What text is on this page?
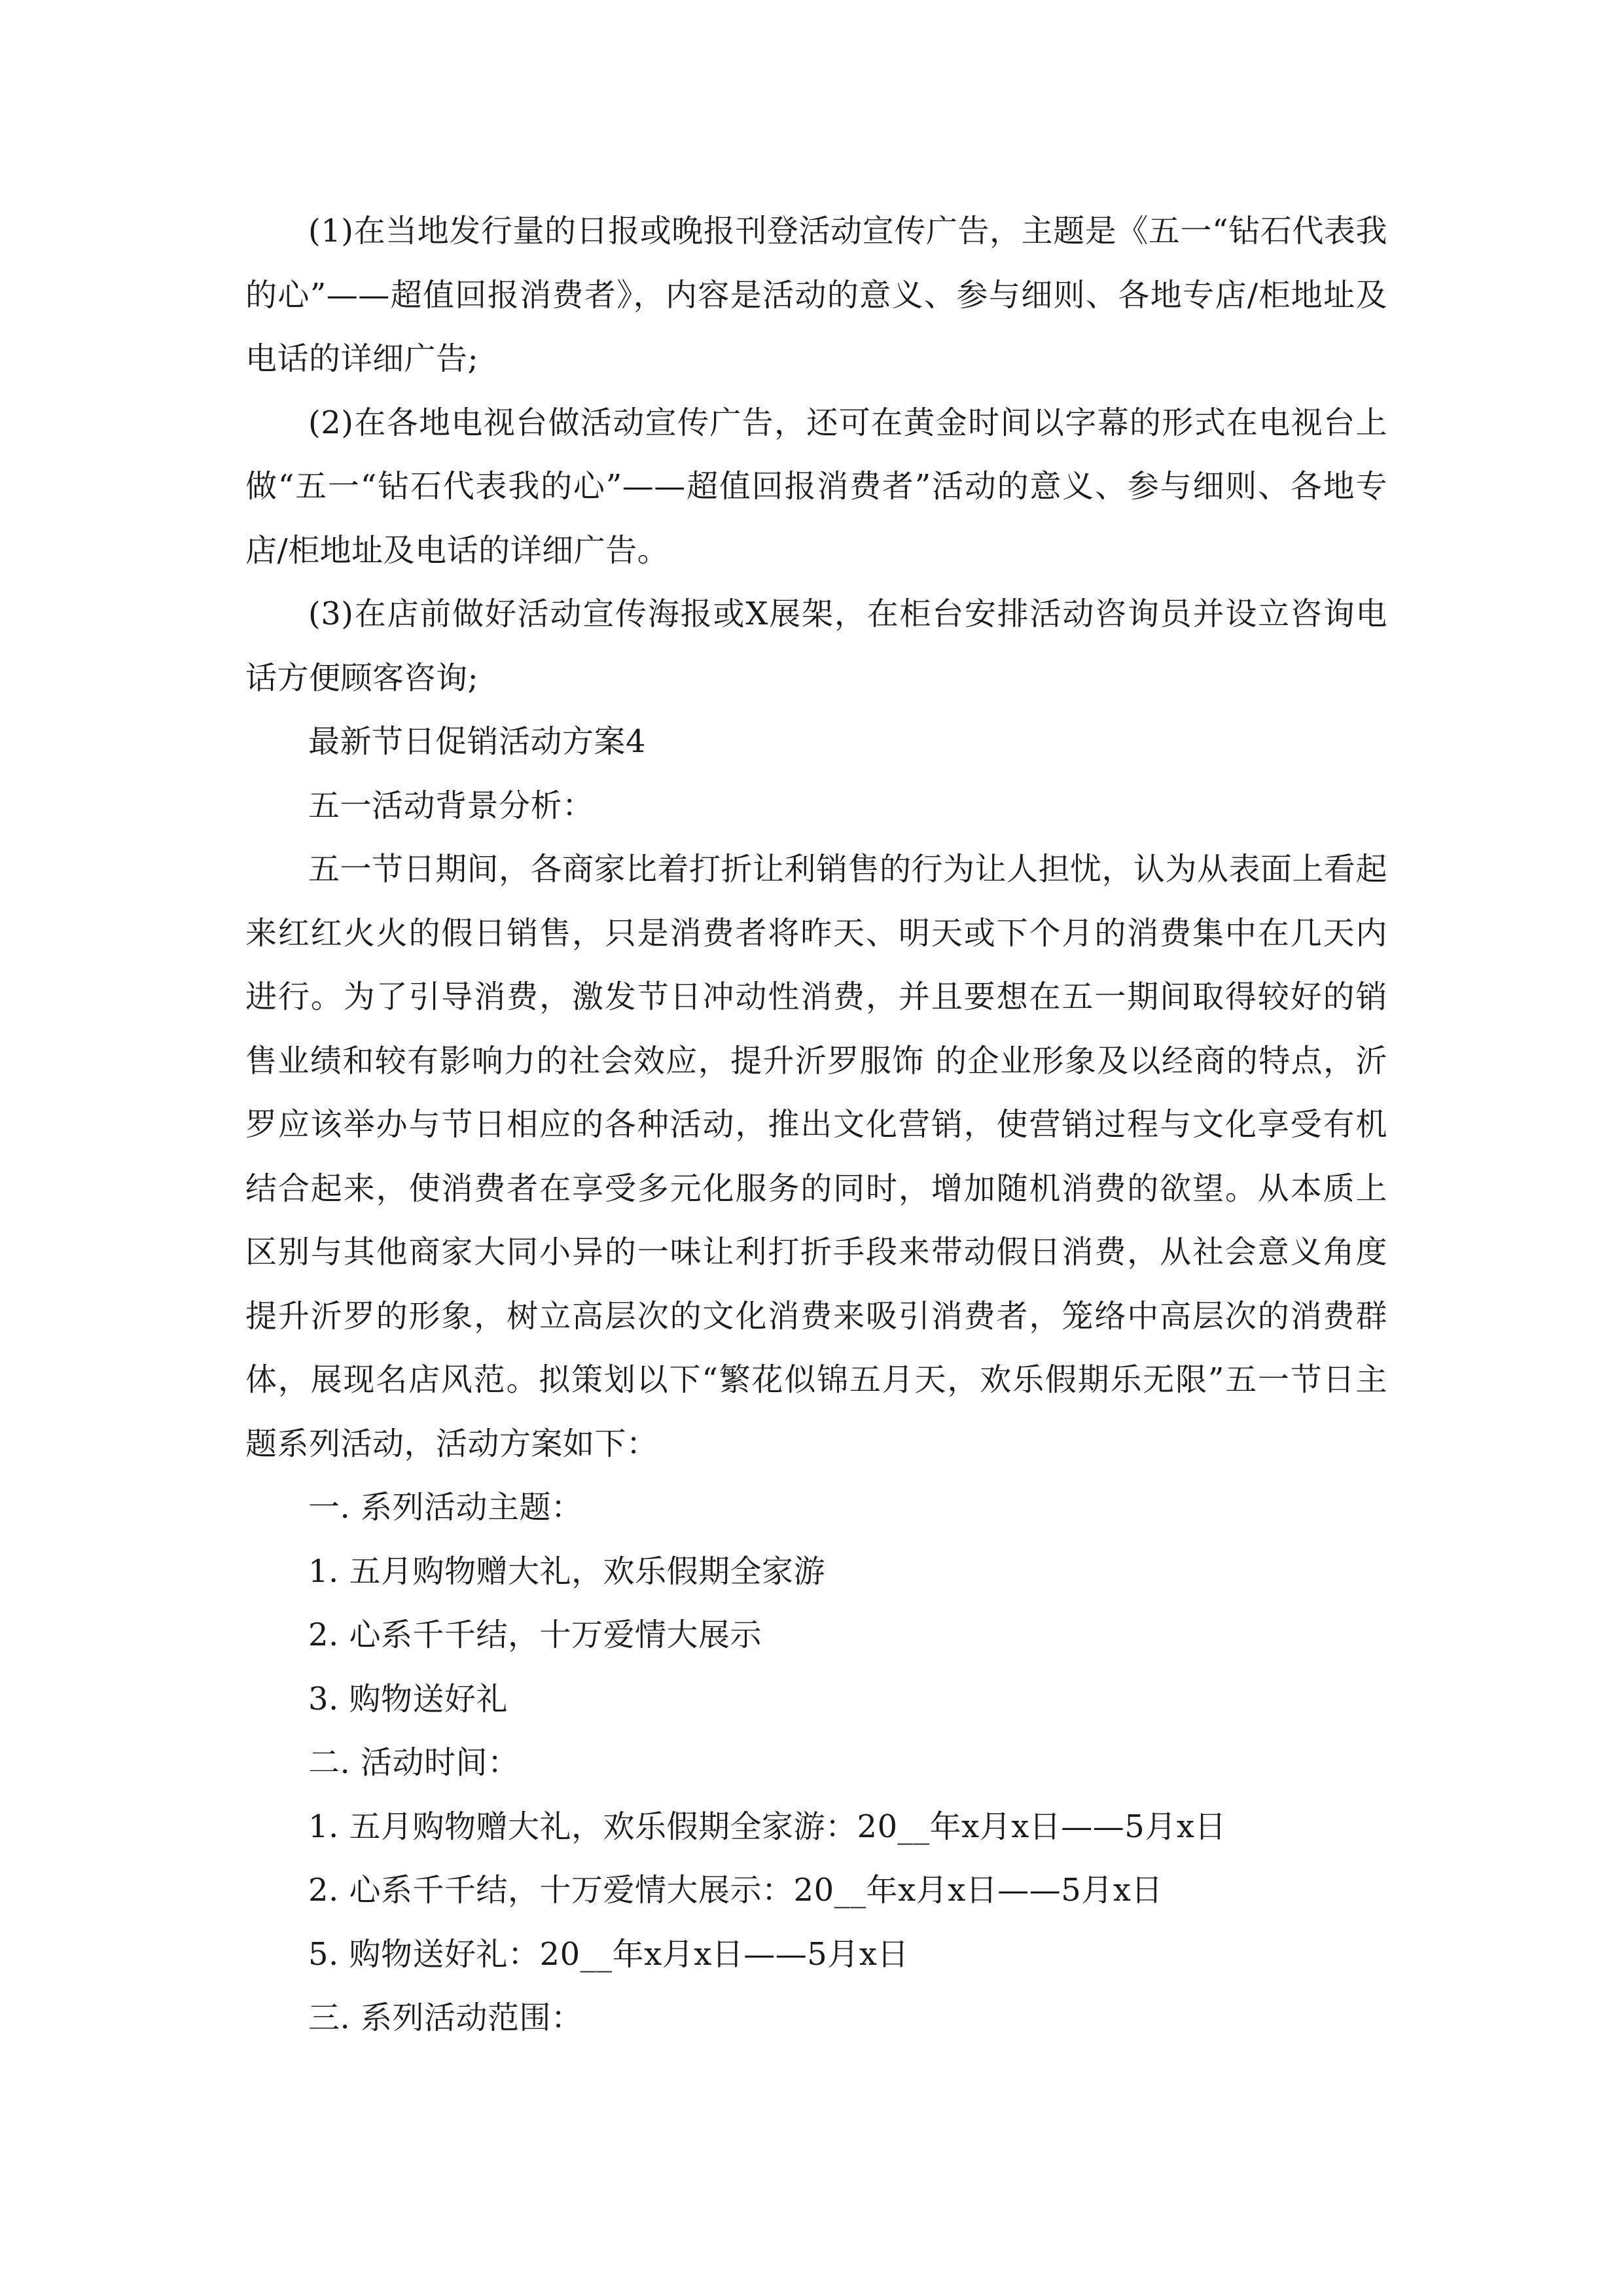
(1)在当地发行量的日报或晚报刊登活动宣传广告，主题是《五一“钻石代表我的心”——超值回报消费者》，内容是活动的意义、参与细则、各地专店/柜地址及电话的详细广告;

(2)在各地电视台做活动宣传广告，还可在黄金时间以字幕的形式在电视台上做“五一“钻石代表我的心”——超值回报消费者”活动的意义、参与细则、各地专店/柜地址及电话的详细广告。

(3)在店前做好活动宣传海报或X展架，在柜台安排活动咨询员并设立咨询电话方便顾客咨询;

最新节日促销活动方案4

五一活动背景分析：

五一节日期间，各商家比着打折让利销售的行为让人担忧，认为从表面上看起来红红火火的假日销售，只是消费者将昨天、明天或下个月的消费集中在几天内进行。为了引导消费，激发节日冲动性消费，并且要想在五一期间取得较好的销售业绩和较有影响力的社会效应，提升沂罗服饰 的企业形象及以经商的特点，沂罗应该举办与节日相应的各种活动，推出文化营销，使营销过程与文化享受有机结合起来，使消费者在享受多元化服务的同时，增加随机消费的欲望。从本质上区别与其他商家大同小异的一味让利打折手段来带动假日消费，从社会意义角度提升沂罗的形象，树立高层次的文化消费来吸引消费者，笼络中高层次的消费群体，展现名店风范。拟策划以下“繁花似锦五月天，欢乐假期乐无限”五一节日主题系列活动，活动方案如下：

一. 系列活动主题：

1. 五月购物赠大礼，欢乐假期全家游

2. 心系千千结，十万爱情大展示

3. 购物送好礼

二. 活动时间：

1. 五月购物赠大礼，欢乐假期全家游：20__年x月x日——5月x日

2. 心系千千结，十万爱情大展示：20__年x月x日——5月x日

5. 购物送好礼：20__年x月x日——5月x日

三. 系列活动范围：
